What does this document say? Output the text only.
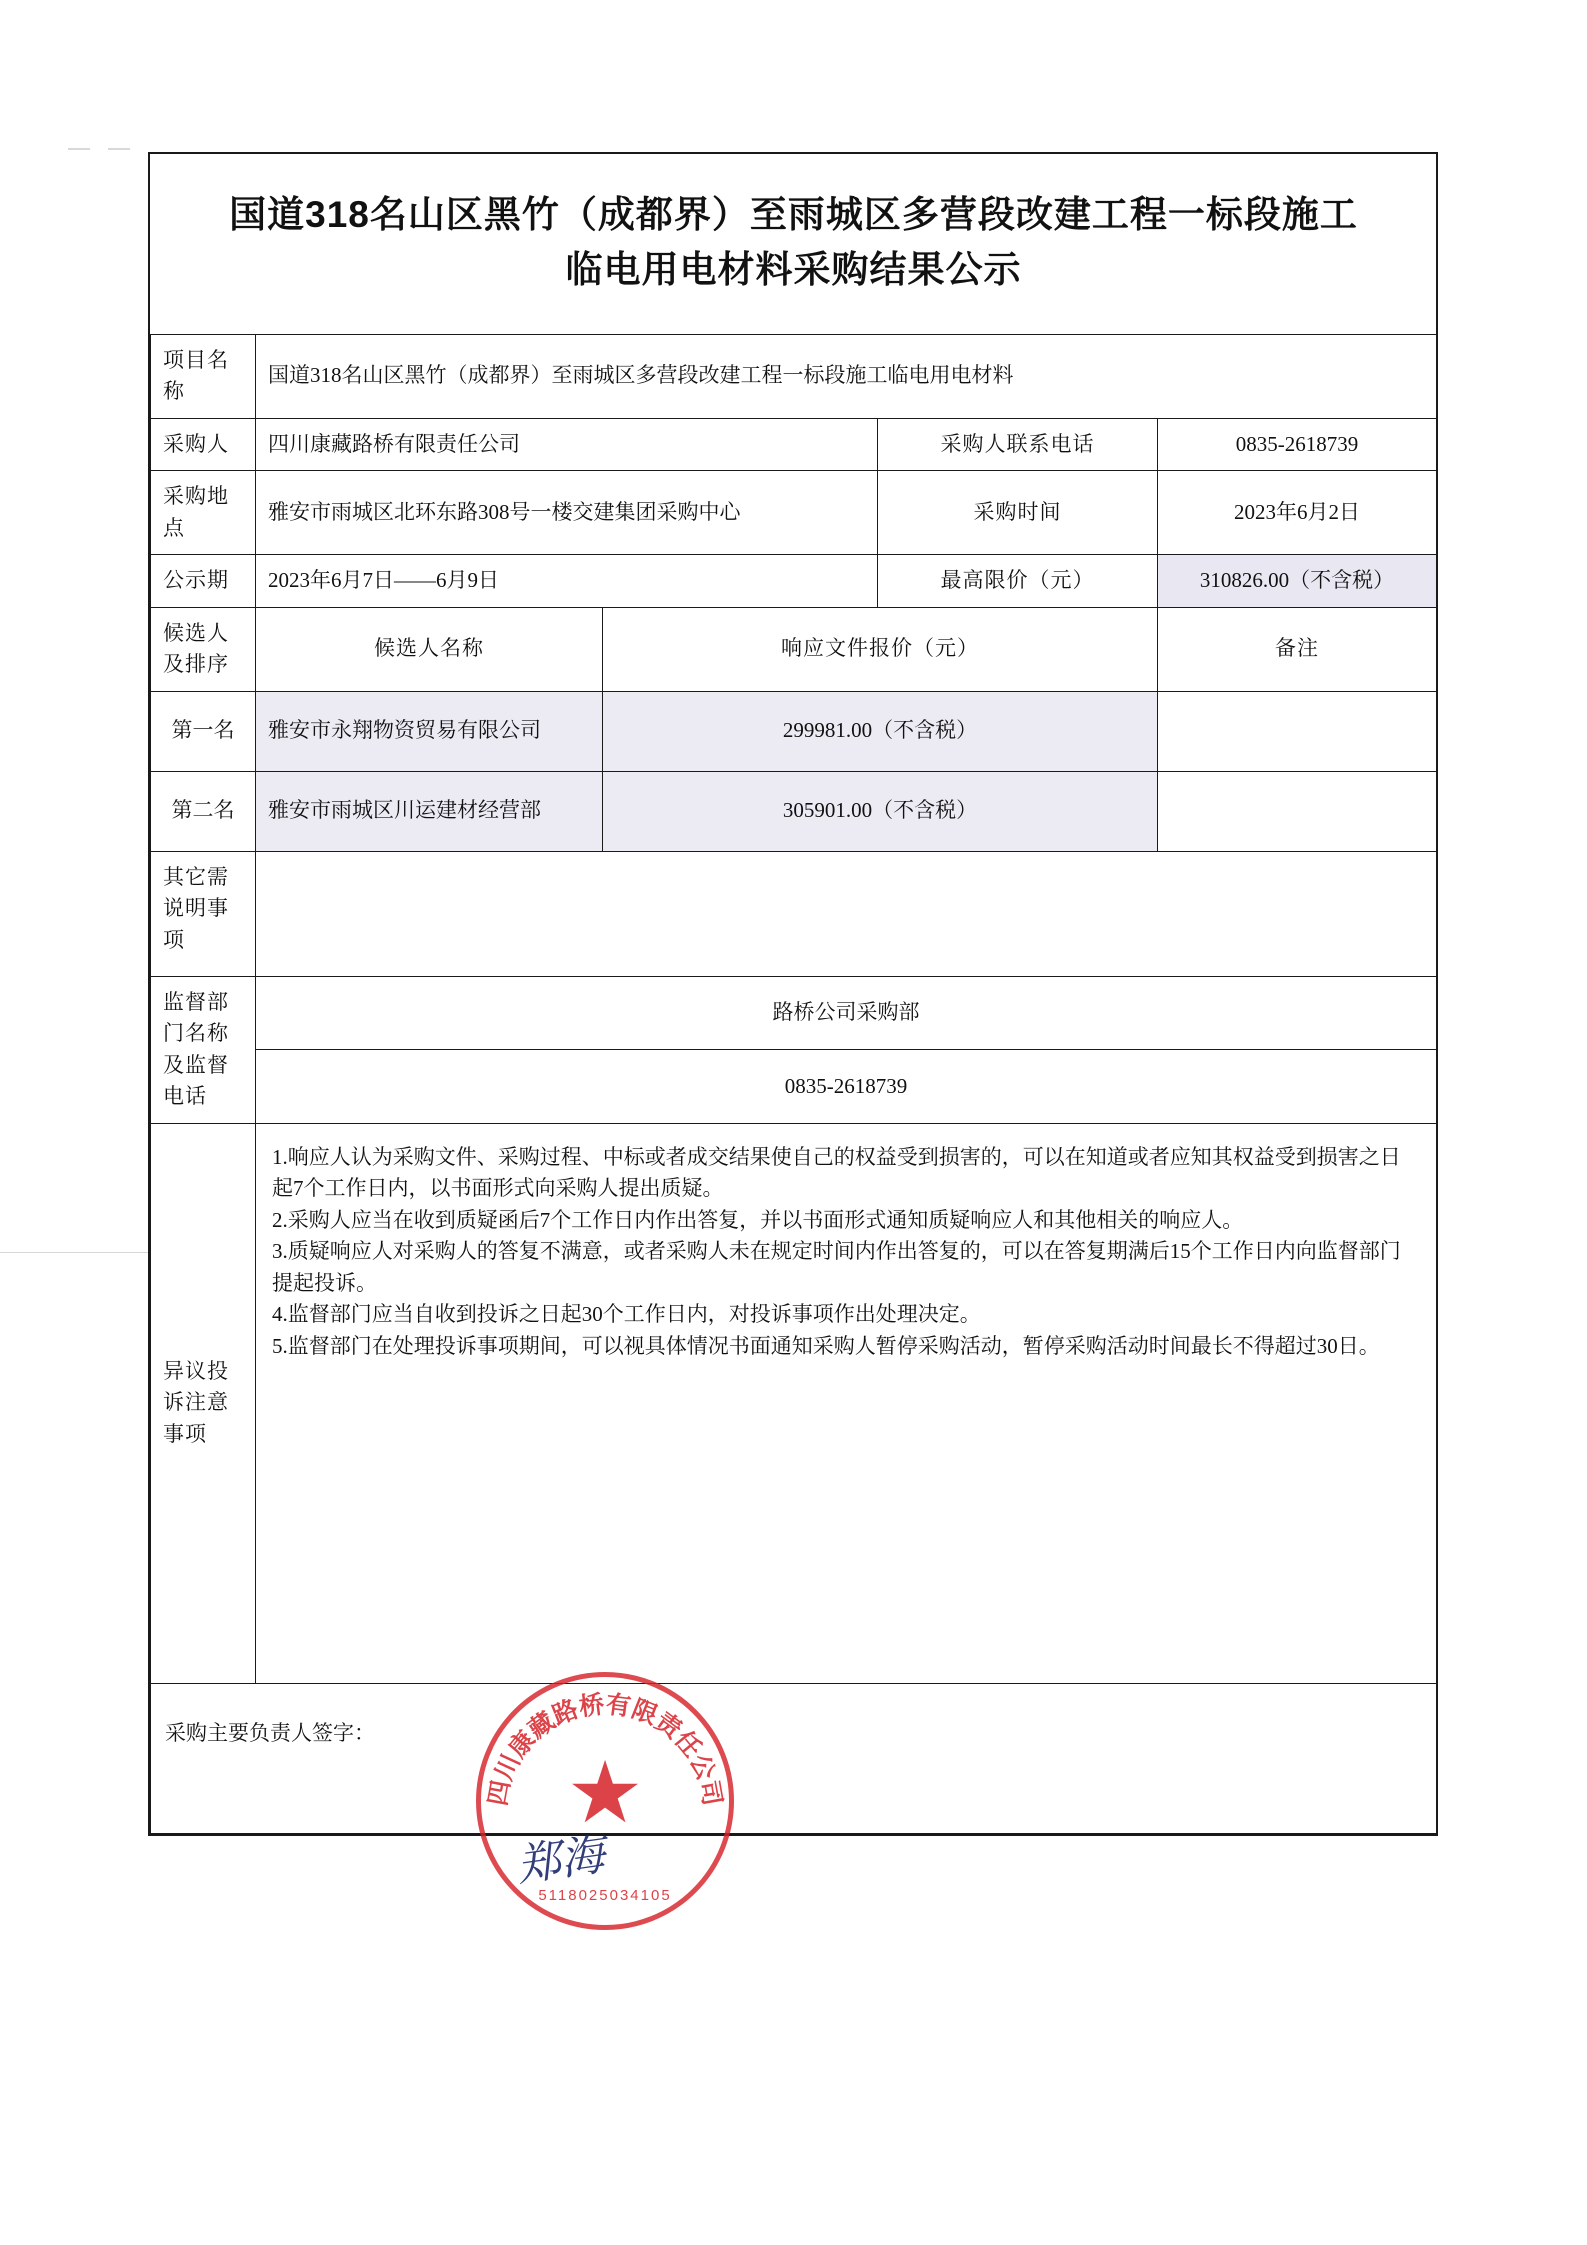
国道318名山区黑竹（成都界）至雨城区多营段改建工程一标段施工临电用电材料采购结果公示				

项目名称	国道318名山区黑竹（成都界）至雨城区多营段改建工程一标段施工临电用电材料			
采购人	四川康藏路桥有限责任公司		采购人联系电话	0835-2618739
采购地点	雅安市雨城区北环东路308号一楼交建集团采购中心		采购时间	2023年6月2日
公示期	2023年6月7日——6月9日		最高限价（元）	310826.00（不含税）
候选人及排序	候选人名称	响应文件报价（元）		备注
第一名	雅安市永翔物资贸易有限公司	299981.00（不含税）		
第二名	雅安市雨城区川运建材经营部	305901.00（不含税）		
其它需说明事项				
监督部门名称及监督电话	路桥公司采购部			
	0835-2618739			
异议投诉注意事项	1.响应人认为采购文件、采购过程、中标或者成交结果使自己的权益受到损害的，可以在知道或者应知其权益受到损害之日起7个工作日内，以书面形式向采购人提出质疑。

2.采购人应当在收到质疑函后7个工作日内作出答复，并以书面形式通知质疑响应人和其他相关的响应人。

3.质疑响应人对采购人的答复不满意，或者采购人未在规定时间内作出答复的，可以在答复期满后15个工作日内向监督部门提起投诉。

4.监督部门应当自收到投诉之日起30个工作日内，对投诉事项作出处理决定。

5.监督部门在处理投诉事项期间，可以视具体情况书面通知采购人暂停采购活动，暂停采购活动时间最长不得超过30日。			

采购主要负责人签字：				
四川康藏路桥有限责任公司
★
5118025034105
郑海
